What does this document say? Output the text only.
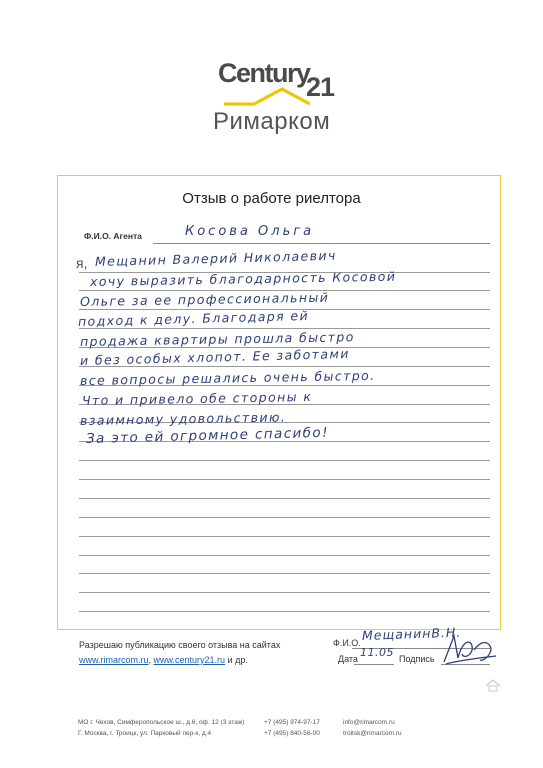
Century
21
Римарком
Отзыв о работе риелтора
Ф.И.О. Агента	Косова Ольга
я, Мещанин Валерий Николаевич
хочу выразить благодарность Косовой
Ольге за ее профессиональный
подход к делу. Благодаря ей
продажа квартиры прошла быстро
и без особых хлопот. Ее заботами
все вопросы решались очень быстро.
Что и привело обе стороны к
взаимному удовольствию.
За это ей огромное спасибо!
Разрешаю публикацию своего отзыва на сайтах
www.rimarcom.ru, www.century21.ru и др.
Ф.И.О.
МещанинВ.Н.
Дата 11.05 Подпись
МО г. Чехов, Симферопольское ш., д.6, оф. 12 (3 этаж)
Г. Москва, г. Троицк, ул. Парковый пер-к, д.4
+7 (495) 974-97-17
+7 (495) 840-56-00
info@rimarcom.ru
troitsk@rimarcom.ru
